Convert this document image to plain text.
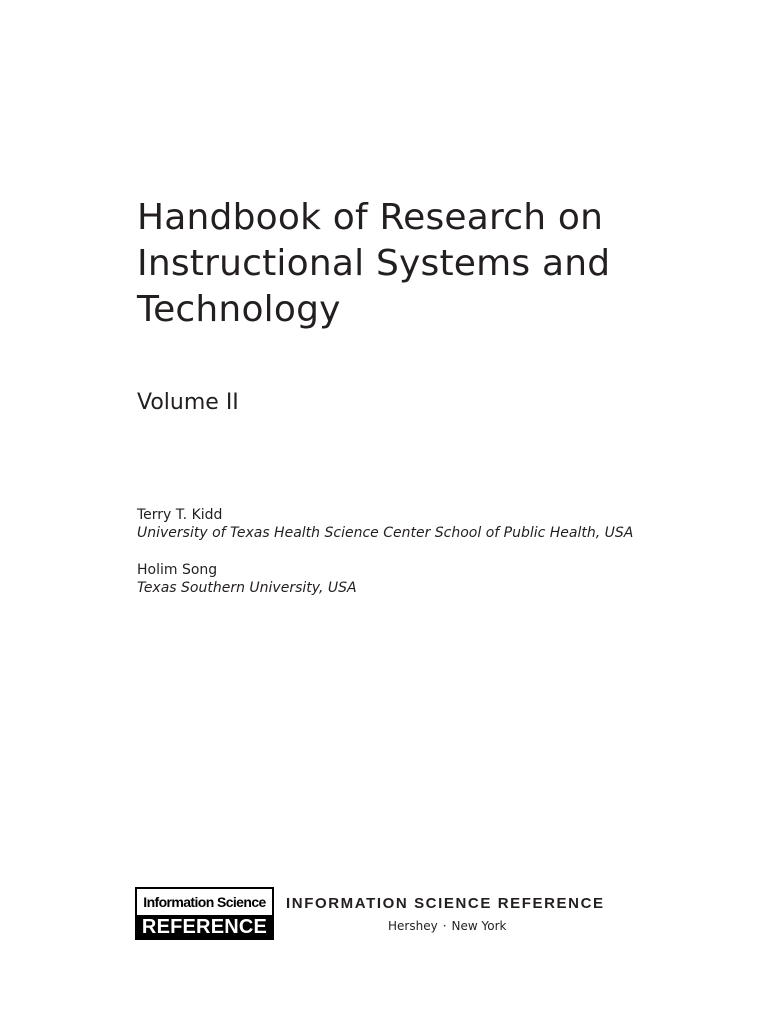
Handbook of Research on
Instructional Systems and
Technology

Volume II

Terry T. Kidd
University of Texas Health Science Center School of Public Health, USA
Holim Song
Texas Southern University, USA
Information Science
REFERENCE
INFORMATION SCIENCE REFERENCE
Hershey · New York
